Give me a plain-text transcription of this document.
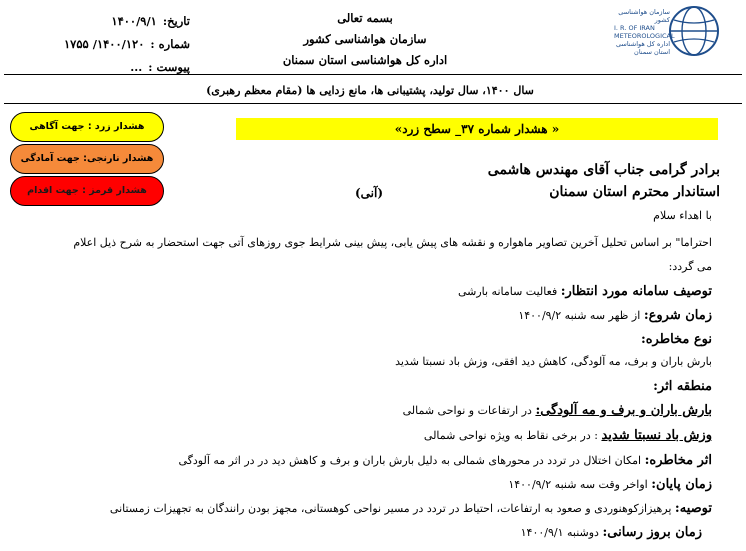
سازمان هواشناسی کشور
I. R. OF IRAN
METEOROLOGICAL
اداره کل هواشناسی استان سمنان
بسمه تعالی
سازمان هواشناسی کشور
اداره کل هواشناسی استان سمنان
تاریخ:
۱۴۰۰/۹/۱
شماره :
۱۴۰۰/۱۲۰/ ۱۷۵۵
پیوست :
...
سال ۱۴۰۰، سال تولید، پشتیبانی ها، مانع زدایی ها (مقام معظم رهبری)
« هشدار شماره ۳۷_ سطح زرد»
هشدار زرد : جهت آگاهی
هشدار نارنجی: جهت آمادگی
هشدار قرمز : جهت اقدام
برادر گرامی جناب آقای مهندس هاشمی
استاندار محترم استان سمنان
(آنی)
با اهداء سلام
احتراما" بر اساس تحلیل آخرین تصاویر ماهواره و نقشه های پیش یابی، پیش بینی شرایط جوی روزهای آتی جهت استحضار به شرح ذیل اعلام
می گردد:
توصیف سامانه مورد انتظار: فعالیت سامانه بارشی
زمان شروع: از ظهر سه شنبه ۱۴۰۰/۹/۲
نوع مخاطره:
بارش باران و برف، مه آلودگی، کاهش دید افقی، وزش باد نسبتا شدید
منطقه اثر:
بارش باران و برف و مه آلودگی: در ارتفاعات و نواحی شمالی
وزش باد نسبتا شدید : در برخی نقاط به ویژه نواحی شمالی
اثر مخاطره: امکان اختلال در تردد در محورهای شمالی به دلیل بارش باران و برف و کاهش دید در در اثر مه آلودگی
زمان پایان: اواخر وقت سه شنبه ۱۴۰۰/۹/۲
توصیه: پرهیزازکوهنوردی و صعود به ارتفاعات، احتیاط در تردد در مسیر نواحی کوهستانی، مجهز بودن رانندگان به تجهیزات زمستانی
زمان بروز رسانی: دوشنبه ۱۴۰۰/۹/۱
